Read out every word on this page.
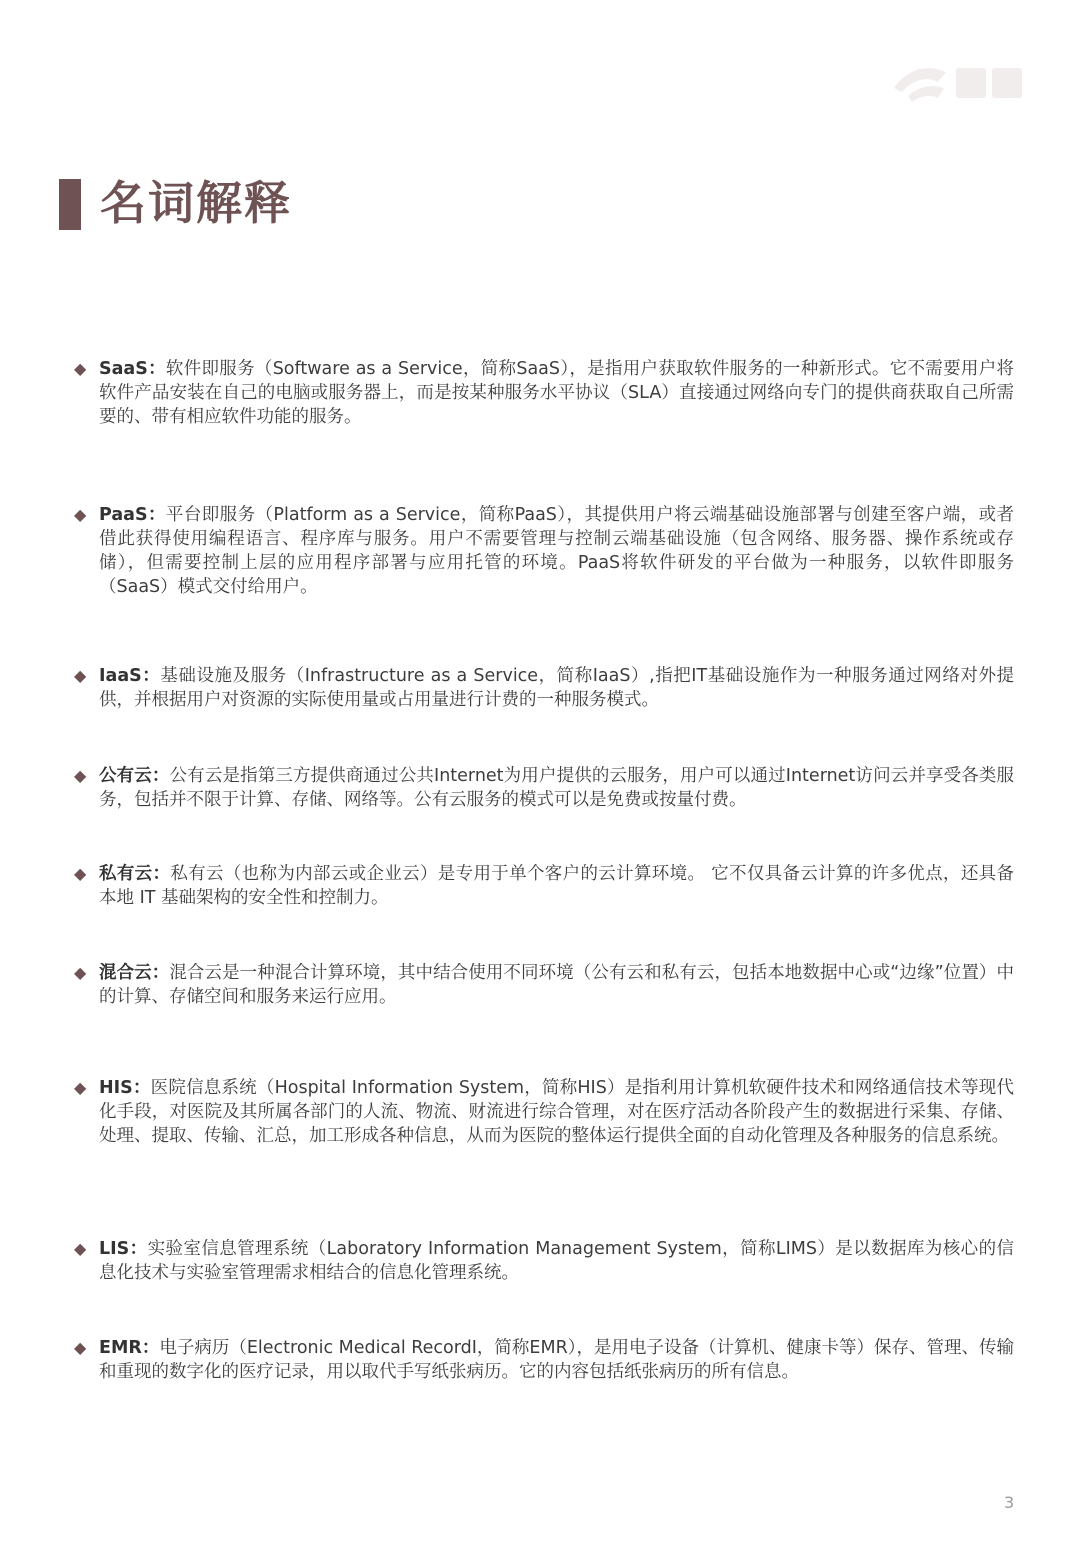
名词解释
◆ SaaS：软件即服务（Software as a Service，简称SaaS），是指用户获取软件服务的一种新形式。它不需要用户将软件产品安装在自己的电脑或服务器上，而是按某种服务水平协议（SLA）直接通过网络向专门的提供商获取自己所需要的、带有相应软件功能的服务。

◆ PaaS：平台即服务（Platform as a Service，简称PaaS），其提供用户将云端基础设施部署与创建至客户端，或者借此获得使用编程语言、程序库与服务。用户不需要管理与控制云端基础设施（包含网络、服务器、操作系统或存储），但需要控制上层的应用程序部署与应用托管的环境。PaaS将软件研发的平台做为一种服务，以软件即服务（SaaS）模式交付给用户。

◆ IaaS：基础设施及服务（Infrastructure as a Service，简称IaaS）,指把IT基础设施作为一种服务通过网络对外提供，并根据用户对资源的实际使用量或占用量进行计费的一种服务模式。

◆ 公有云：公有云是指第三方提供商通过公共Internet为用户提供的云服务，用户可以通过Internet访问云并享受各类服务，包括并不限于计算、存储、网络等。公有云服务的模式可以是免费或按量付费。

◆ 私有云：私有云（也称为内部云或企业云）是专用于单个客户的云计算环境。 它不仅具备云计算的许多优点，还具备本地 IT 基础架构的安全性和控制力。

◆ 混合云：混合云是一种混合计算环境，其中结合使用不同环境（公有云和私有云，包括本地数据中心或“边缘”位置）中的计算、存储空间和服务来运行应用。

◆ HIS：医院信息系统（Hospital Information System，简称HIS）是指利用计算机软硬件技术和网络通信技术等现代化手段，对医院及其所属各部门的人流、物流、财流进行综合管理，对在医疗活动各阶段产生的数据进行采集、存储、处理、提取、传输、汇总，加工形成各种信息，从而为医院的整体运行提供全面的自动化管理及各种服务的信息系统。

◆ LIS：实验室信息管理系统（Laboratory Information Management System，简称LIMS）是以数据库为核心的信息化技术与实验室管理需求相结合的信息化管理系统。

◆ EMR：电子病历（Electronic Medical RecordI，简称EMR），是用电子设备（计算机、健康卡等）保存、管理、传输和重现的数字化的医疗记录，用以取代手写纸张病历。它的内容包括纸张病历的所有信息。

3
